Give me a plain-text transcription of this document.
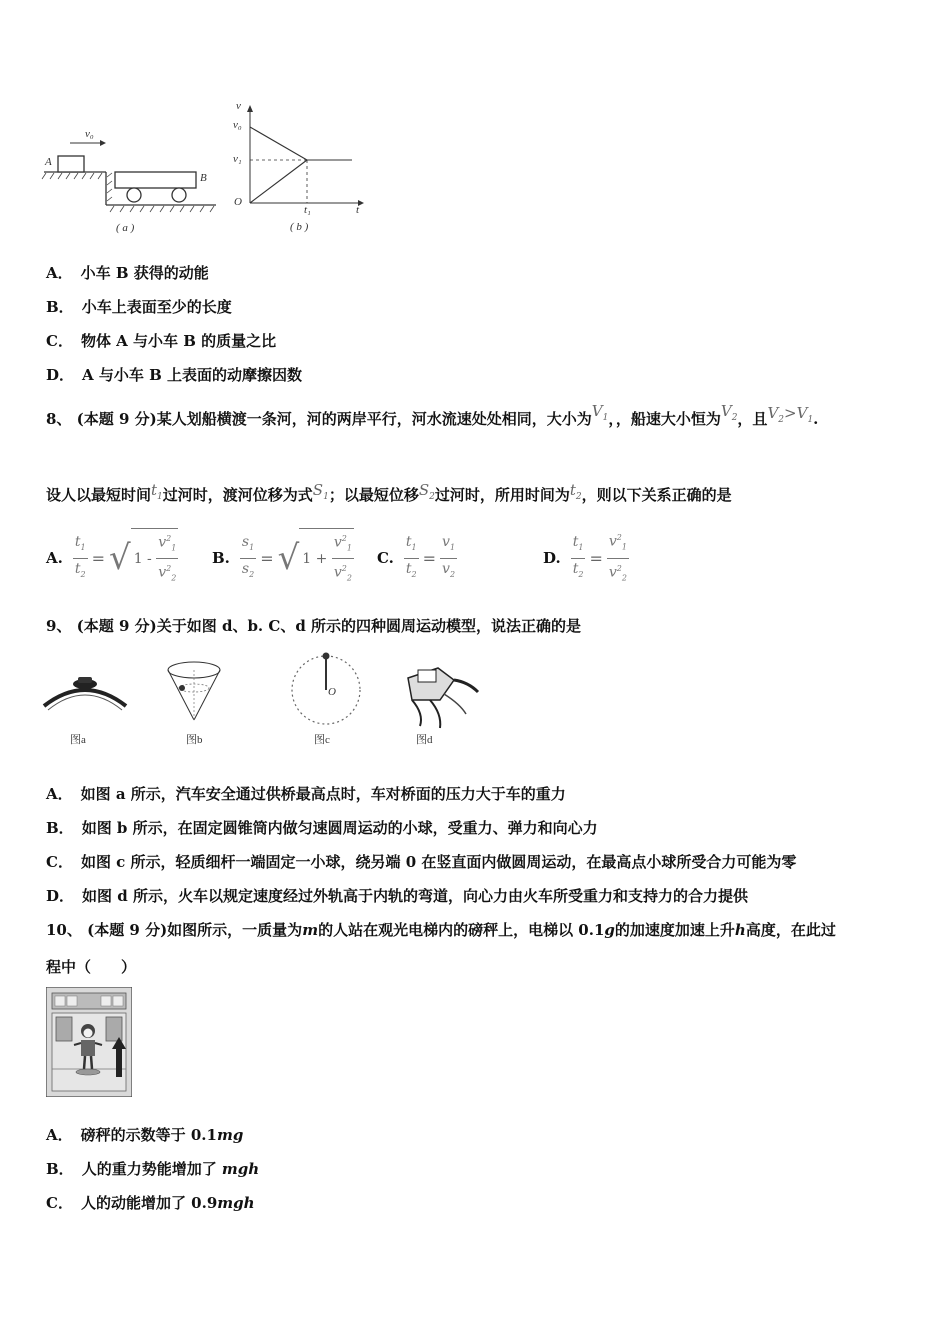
A
B
v₀
( a )
v
v₀
v₁
O
t₁	t
( b )
A． 小车 B 获得的动能
B． 小车上表面至少的长度
C． 物体 A 与小车 B 的质量之比
D． A 与小车 B 上表面的动摩擦因数
8、 (本题 9 分)某人划船横渡一条河，河的两岸平行，河水流速处处相同，大小为$V_1$，，船速大小恒为$V_2$，且$V_2>V_1$.
设人以最短时间$t_1$过河时，渡河位移为式$S_1$；以最短位移$S_2$过河时，所用时间为$t_2$，则以下关系正确的是
A. $\frac{t_1}{t_2}$ = √ 1 -
$\frac{v^2_1}{v^2_2} B$. $\frac{s_1}{s_2}$ = √ 1 +
$\frac{v^2_1}{v^2_2} C$. $\frac{t_1}{t_2} = \frac{v_1}{v_2}$	D. $\frac{t_1}{t_2} = \frac{v^2_1}{v^2_2}$
9、 (本题 9 分)关于如图 d、b. C、d 所示的四种圆周运动模型，说法正确的是
O
图a	图b	图c	图d
A． 如图 a 所示，汽车安全通过供桥最高点时，车对桥面的压力大于车的重力
B． 如图 b 所示，在固定圆锥筒内做匀速圆周运动的小球，受重力、弹力和向心力
C． 如图 c 所示，轻质细杆一端固定一小球，绕另端 0 在竖直面内做圆周运动，在最高点小球所受合力可能为零
D． 如图 d 所示，火车以规定速度经过外轨高于内轨的弯道，向心力由火车所受重力和支持力的合力提供
10、 (本题 9 分)如图所示，一质量为m的人站在观光电梯内的磅秤上，电梯以 0.1g的加速度加速上升h高度，在此过
程中（　　）
A． 磅秤的示数等于 0.1mg
B． 人的重力势能增加了 mgh
C． 人的动能增加了 0.9mgh
